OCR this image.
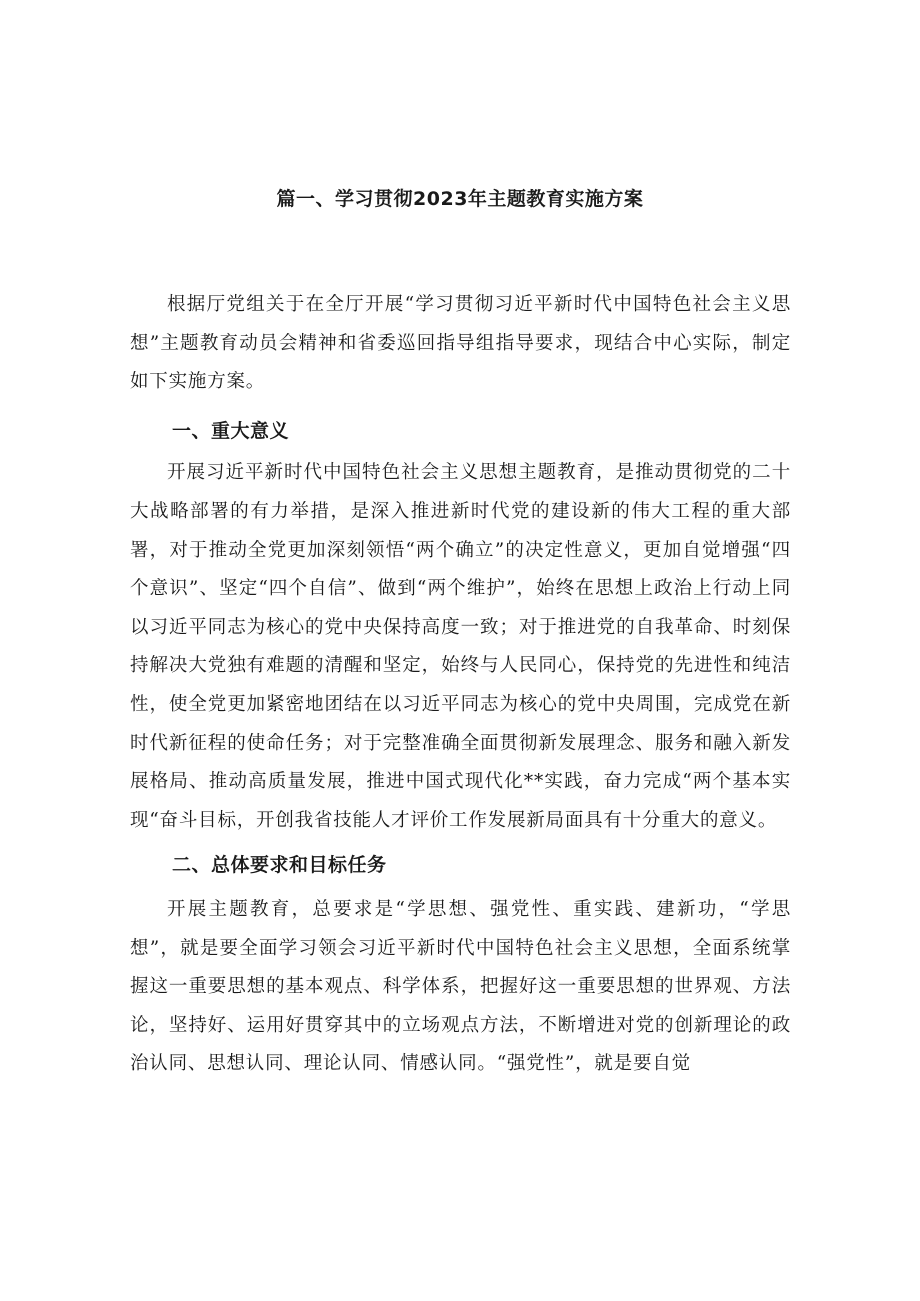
篇一、学习贯彻2023年主题教育实施方案

根据厅党组关于在全厅开展“学习贯彻习近平新时代中国特色社会主义思想”主题教育动员会精神和省委巡回指导组指导要求，现结合中心实际，制定如下实施方案。

一、重大意义

开展习近平新时代中国特色社会主义思想主题教育，是推动贯彻党的二十大战略部署的有力举措，是深入推进新时代党的建设新的伟大工程的重大部署，对于推动全党更加深刻领悟“两个确立”的决定性意义，更加自觉增强“四个意识”、坚定“四个自信”、做到“两个维护”，始终在思想上政治上行动上同以习近平同志为核心的党中央保持高度一致；对于推进党的自我革命、时刻保持解决大党独有难题的清醒和坚定，始终与人民同心，保持党的先进性和纯洁性，使全党更加紧密地团结在以习近平同志为核心的党中央周围，完成党在新时代新征程的使命任务；对于完整准确全面贯彻新发展理念、服务和融入新发展格局、推动高质量发展，推进中国式现代化**实践，奋力完成“两个基本实现“奋斗目标，开创我省技能人才评价工作发展新局面具有十分重大的意义。

二、总体要求和目标任务

开展主题教育，总要求是“学思想、强党性、重实践、建新功，“学思想”，就是要全面学习领会习近平新时代中国特色社会主义思想，全面系统掌握这一重要思想的基本观点、科学体系，把握好这一重要思想的世界观、方法论，坚持好、运用好贯穿其中的立场观点方法，不断增进对党的创新理论的政治认同、思想认同、理论认同、情感认同。“强党性”，就是要自觉
